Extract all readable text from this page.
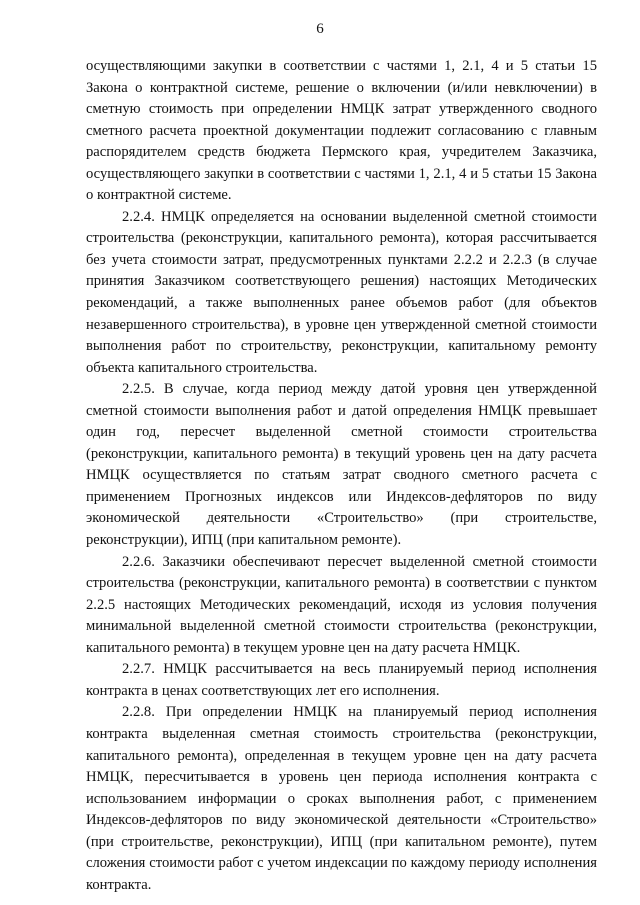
6

осуществляющими закупки в соответствии с частями 1, 2.1, 4 и 5 статьи 15 Закона о контрактной системе, решение о включении (и/или невключении) в сметную стоимость при определении НМЦК затрат утвержденного сводного сметного расчета проектной документации подлежит согласованию с главным распорядителем средств бюджета Пермского края, учредителем Заказчика, осуществляющего закупки в соответствии с частями 1, 2.1, 4 и 5 статьи 15 Закона о контрактной системе.

2.2.4. НМЦК определяется на основании выделенной сметной стоимости строительства (реконструкции, капитального ремонта), которая рассчитывается без учета стоимости затрат, предусмотренных пунктами 2.2.2 и 2.2.3 (в случае принятия Заказчиком соответствующего решения) настоящих Методических рекомендаций, а также выполненных ранее объемов работ (для объектов незавершенного строительства), в уровне цен утвержденной сметной стоимости выполнения работ по строительству, реконструкции, капитальному ремонту объекта капитального строительства.

2.2.5. В случае, когда период между датой уровня цен утвержденной сметной стоимости выполнения работ и датой определения НМЦК превышает один год, пересчет выделенной сметной стоимости строительства (реконструкции, капитального ремонта) в текущий уровень цен на дату расчета НМЦК осуществляется по статьям затрат сводного сметного расчета с применением Прогнозных индексов или Индексов-дефляторов по виду экономической деятельности «Строительство» (при строительстве, реконструкции), ИПЦ (при капитальном ремонте).

2.2.6. Заказчики обеспечивают пересчет выделенной сметной стоимости строительства (реконструкции, капитального ремонта) в соответствии с пунктом 2.2.5 настоящих Методических рекомендаций, исходя из условия получения минимальной выделенной сметной стоимости строительства (реконструкции, капитального ремонта) в текущем уровне цен на дату расчета НМЦК.

2.2.7. НМЦК рассчитывается на весь планируемый период исполнения контракта в ценах соответствующих лет его исполнения.

2.2.8. При определении НМЦК на планируемый период исполнения контракта выделенная сметная стоимость строительства (реконструкции, капитального ремонта), определенная в текущем уровне цен на дату расчета НМЦК, пересчитывается в уровень цен периода исполнения контракта с использованием информации о сроках выполнения работ, с применением Индексов-дефляторов по виду экономической деятельности «Строительство» (при строительстве, реконструкции), ИПЦ (при капитальном ремонте), путем сложения стоимости работ с учетом индексации по каждому периоду исполнения контракта.
